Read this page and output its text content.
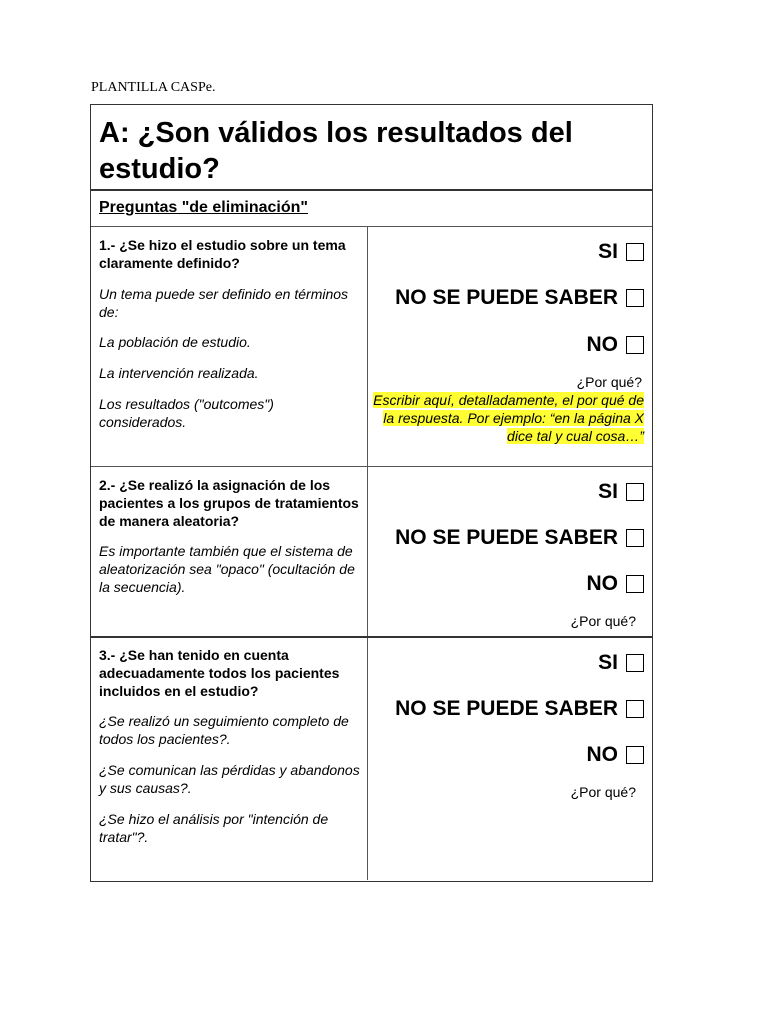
PLANTILLA CASPe.
A: ¿Son válidos los resultados del estudio?
Preguntas "de eliminación"
1.- ¿Se hizo el estudio sobre un tema claramente definido?
Un tema puede ser definido en términos de:
La población de estudio.
La intervención realizada.
Los resultados ("outcomes") considerados.
SI
NO SE PUEDE SABER
NO
¿Por qué?
Escribir aquí, detalladamente, el por qué de la respuesta. Por ejemplo: “en la página X dice tal y cual cosa…”
2.- ¿Se realizó la asignación de los pacientes a los grupos de tratamientos de manera aleatoria?
Es importante también que el sistema de aleatorización sea "opaco" (ocultación de la secuencia).
SI
NO SE PUEDE SABER
NO
¿Por qué?
3.- ¿Se han tenido en cuenta adecuadamente todos los pacientes incluidos en el estudio?
¿Se realizó un seguimiento completo de todos los pacientes?.
¿Se comunican las pérdidas y abandonos y sus causas?.
¿Se hizo el análisis por "intención de tratar"?.
SI
NO SE PUEDE SABER
NO
¿Por qué?
